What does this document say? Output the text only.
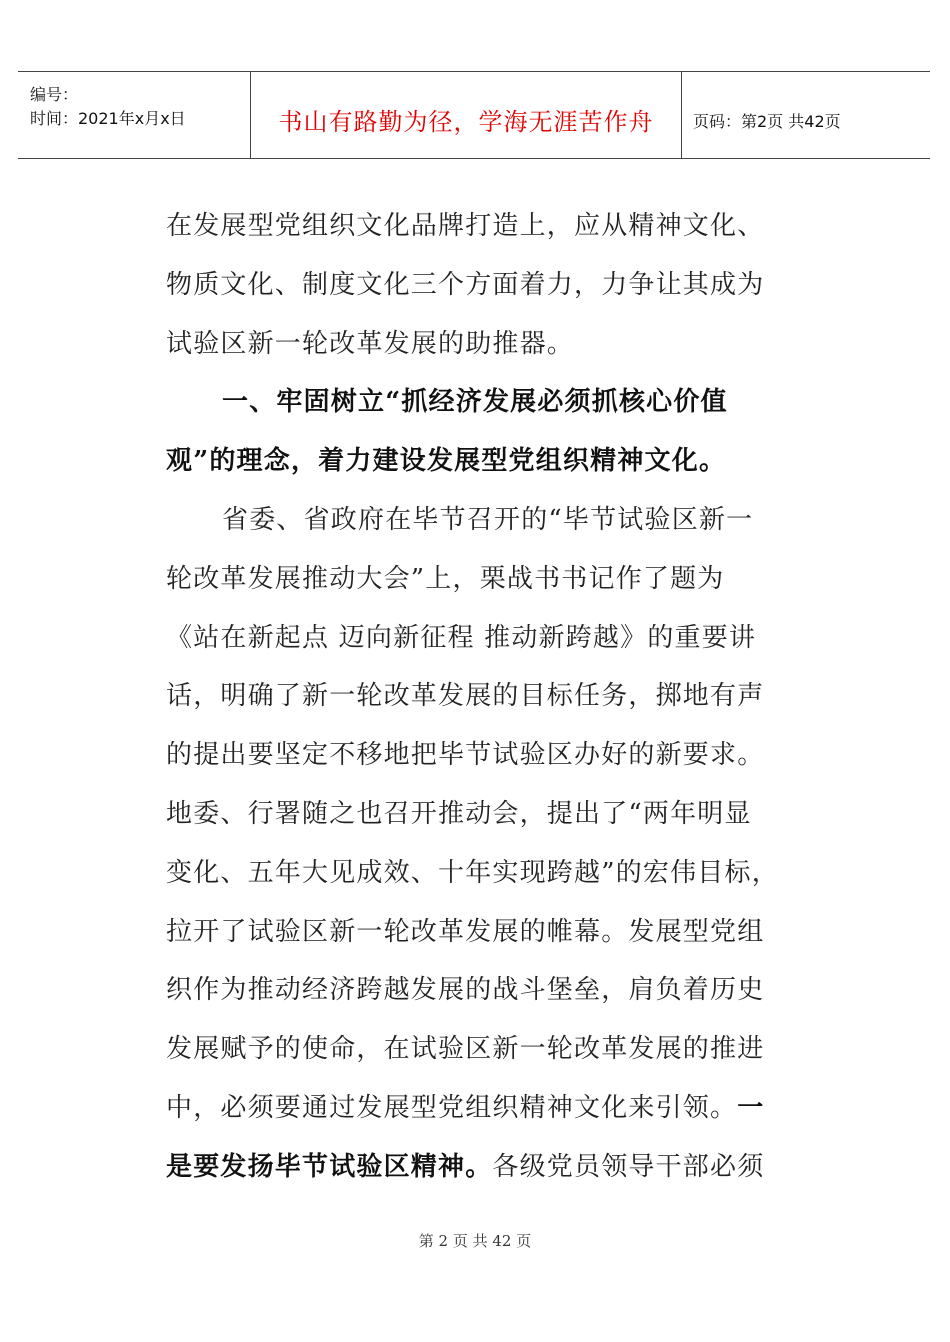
编号：
时间：2021年x月x日	书山有路勤为径，学海无涯苦作舟	页码：第2页 共42页
在发展型党组织文化品牌打造上，应从精神文化、
物质文化、制度文化三个方面着力，力争让其成为
试验区新一轮改革发展的助推器。
一、牢固树立“抓经济发展必须抓核心价值
观”的理念，着力建设发展型党组织精神文化。
省委、省政府在毕节召开的“毕节试验区新一
轮改革发展推动大会”上，栗战书书记作了题为
《站在新起点 迈向新征程 推动新跨越》的重要讲
话，明确了新一轮改革发展的目标任务，掷地有声
的提出要坚定不移地把毕节试验区办好的新要求。
地委、行署随之也召开推动会，提出了“两年明显
变化、五年大见成效、十年实现跨越”的宏伟目标，
拉开了试验区新一轮改革发展的帷幕。发展型党组
织作为推动经济跨越发展的战斗堡垒，肩负着历史
发展赋予的使命，在试验区新一轮改革发展的推进
中，必须要通过发展型党组织精神文化来引领。一
是要发扬毕节试验区精神。各级党员领导干部必须
第 2 页 共 42 页
